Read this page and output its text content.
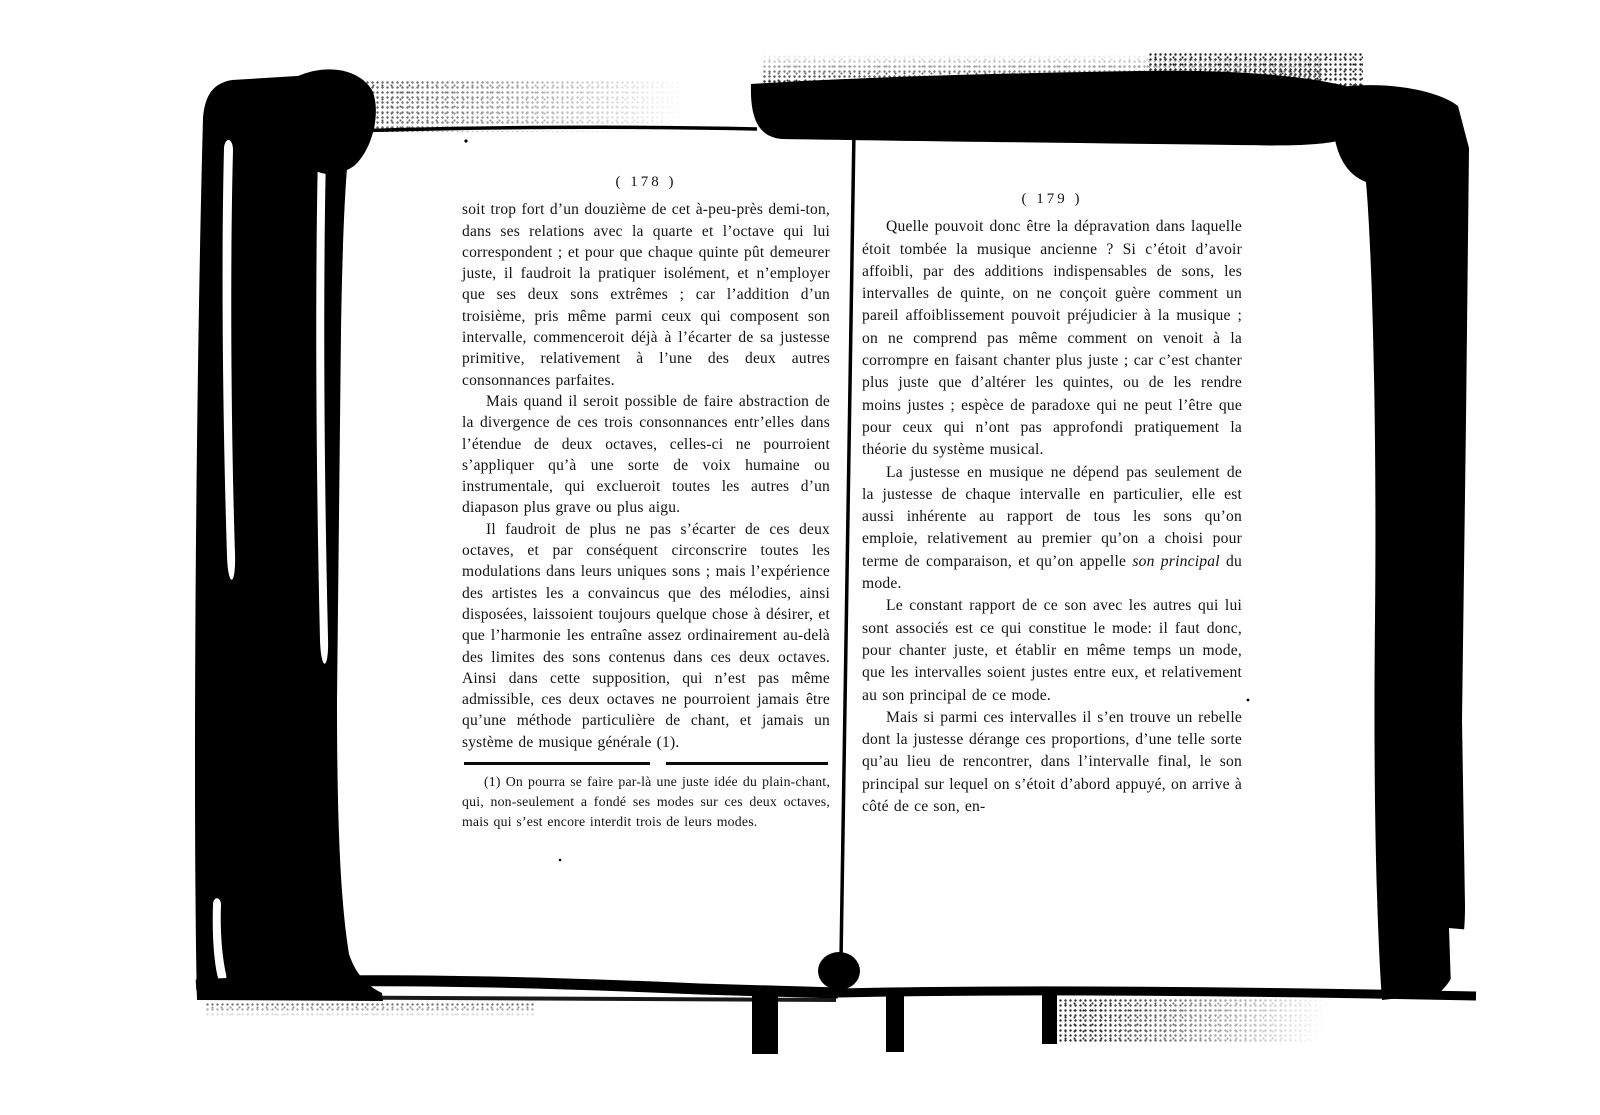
( 178 )

soit trop fort d’un douzième de cet à-peu-près demi-ton, dans ses relations avec la quarte et l’octave qui lui correspondent ; et pour que chaque quinte pût demeurer juste, il faudroit la pratiquer isolément, et n’employer que ses deux sons extrêmes ; car l’addition d’un troisième, pris même parmi ceux qui composent son intervalle, commenceroit déjà à l’écarter de sa justesse primitive, relativement à l’une des deux autres consonnances parfaites.

Mais quand il seroit possible de faire abstraction de la divergence de ces trois consonnances entr’elles dans l’étendue de deux octaves, celles-ci ne pourroient s’appliquer qu’à une sorte de voix humaine ou instrumentale, qui exclueroit toutes les autres d’un diapason plus grave ou plus aigu.

Il faudroit de plus ne pas s’écarter de ces deux octaves, et par conséquent circonscrire toutes les modulations dans leurs uniques sons ; mais l’expérience des artistes les a convaincus que des mélodies, ainsi disposées, laissoient toujours quelque chose à désirer, et que l’harmonie les entraîne assez ordinairement au-delà des limites des sons contenus dans ces deux octaves. Ainsi dans cette supposition, qui n’est pas même admissible, ces deux octaves ne pourroient jamais être qu’une méthode particulière de chant, et jamais un système de musique générale (1).

(1) On pourra se faire par-là une juste idée du plain-chant, qui, non-seulement a fondé ses modes sur ces deux octaves, mais qui s’est encore interdit trois de leurs modes.
( 179 )

Quelle pouvoit donc être la dépravation dans laquelle étoit tombée la musique ancienne ? Si c’étoit d’avoir affoibli, par des additions indispensables de sons, les intervalles de quinte, on ne conçoit guère comment un pareil affoiblissement pouvoit préjudicier à la musique ; on ne comprend pas même comment on venoit à la corrompre en faisant chanter plus juste ; car c’est chanter plus juste que d’altérer les quintes, ou de les rendre moins justes ; espèce de paradoxe qui ne peut l’être que pour ceux qui n’ont pas approfondi pratiquement la théorie du système musical.

La justesse en musique ne dépend pas seulement de la justesse de chaque intervalle en particulier, elle est aussi inhérente au rapport de tous les sons qu’on emploie, relativement au premier qu’on a choisi pour terme de comparaison, et qu’on appelle son principal du mode.

Le constant rapport de ce son avec les autres qui lui sont associés est ce qui constitue le mode: il faut donc, pour chanter juste, et établir en même temps un mode, que les intervalles soient justes entre eux, et relativement au son principal de ce mode.

Mais si parmi ces intervalles il s’en trouve un rebelle dont la justesse dérange ces proportions, d’une telle sorte qu’au lieu de rencontrer, dans l’intervalle final, le son principal sur lequel on s’étoit d’abord appuyé, on arrive à côté de ce son, en-
